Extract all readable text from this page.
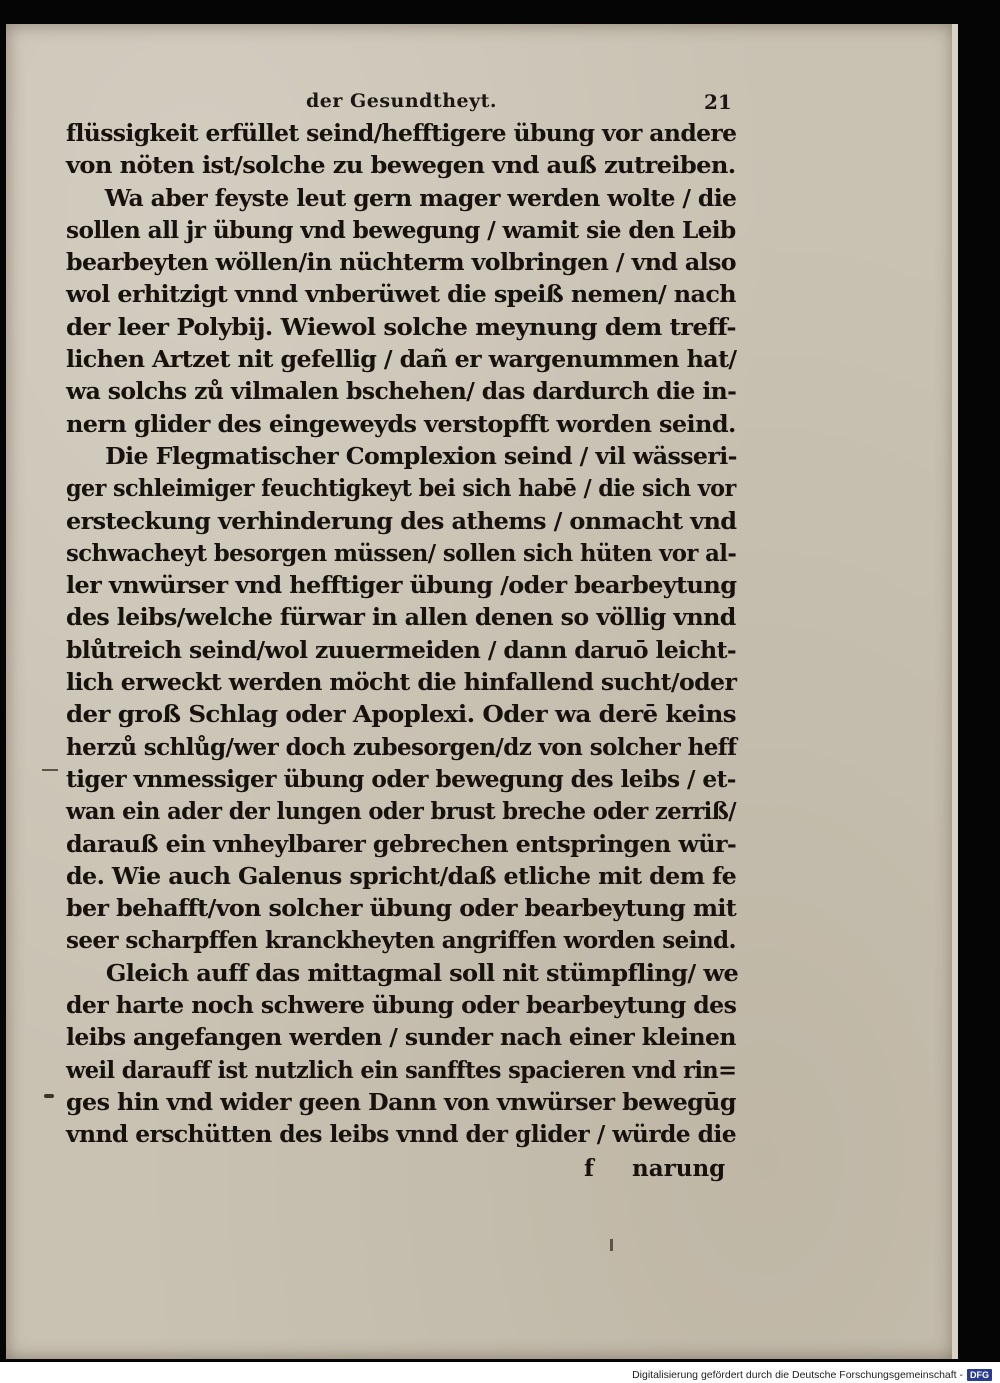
der Gesundtheyt.	21
flüssigkeit erfüllet seind/hefftigere übung vor andere
von nöten ist/solche zu bewegen vnd auß zutreiben.
Wa aber feyste leut gern mager werden wolte / die
sollen all jr übung vnd bewegung / wamit sie den Leib
bearbeyten wöllen/in nüchterm volbringen / vnd also
wol erhitzigt vnnd vnberüwet die speiß nemen/ nach
der leer Polybij. Wiewol solche meynung dem treff-
lichen Artzet nit gefellig / dañ er wargenummen hat/
wa solchs zů vilmalen bschehen/ das dardurch die in-
nern glider des eingeweyds verstopfft worden seind.
Die Flegmatischer Complexion seind / vil wässeri-
ger schleimiger feuchtigkeyt bei sich habē / die sich vor
ersteckung verhinderung des athems / onmacht vnd
schwacheyt besorgen müssen/ sollen sich hüten vor al-
ler vnwürser vnd hefftiger übung /oder bearbeytung
des leibs/welche fürwar in allen denen so völlig vnnd
blůtreich seind/wol zuuermeiden / dann daruō leicht-
lich erweckt werden möcht die hinfallend sucht/oder
der groß Schlag oder Apoplexi. Oder wa derē keins
herzů schlůg/wer doch zubesorgen/dz von solcher heff
tiger vnmessiger übung oder bewegung des leibs / et-
wan ein ader der lungen oder brust breche oder zerriß/
darauß ein vnheylbarer gebrechen entspringen wür-
de. Wie auch Galenus spricht/daß etliche mit dem fe
ber behafft/von solcher übung oder bearbeytung mit
seer scharpffen kranckheyten angriffen worden seind.
Gleich auff das mittagmal soll nit stümpfling/ we
der harte noch schwere übung oder bearbeytung des
leibs angefangen werden / sunder nach einer kleinen
weil darauff ist nutzlich ein sanfftes spacieren vnd rin=
ges hin vnd wider geen Dann von vnwürser bewegūg
vnnd erschütten des leibs vnnd der glider / würde die
f narung
Digitalisierung gefördert durch die Deutsche Forschungsgemeinschaft - DFG
